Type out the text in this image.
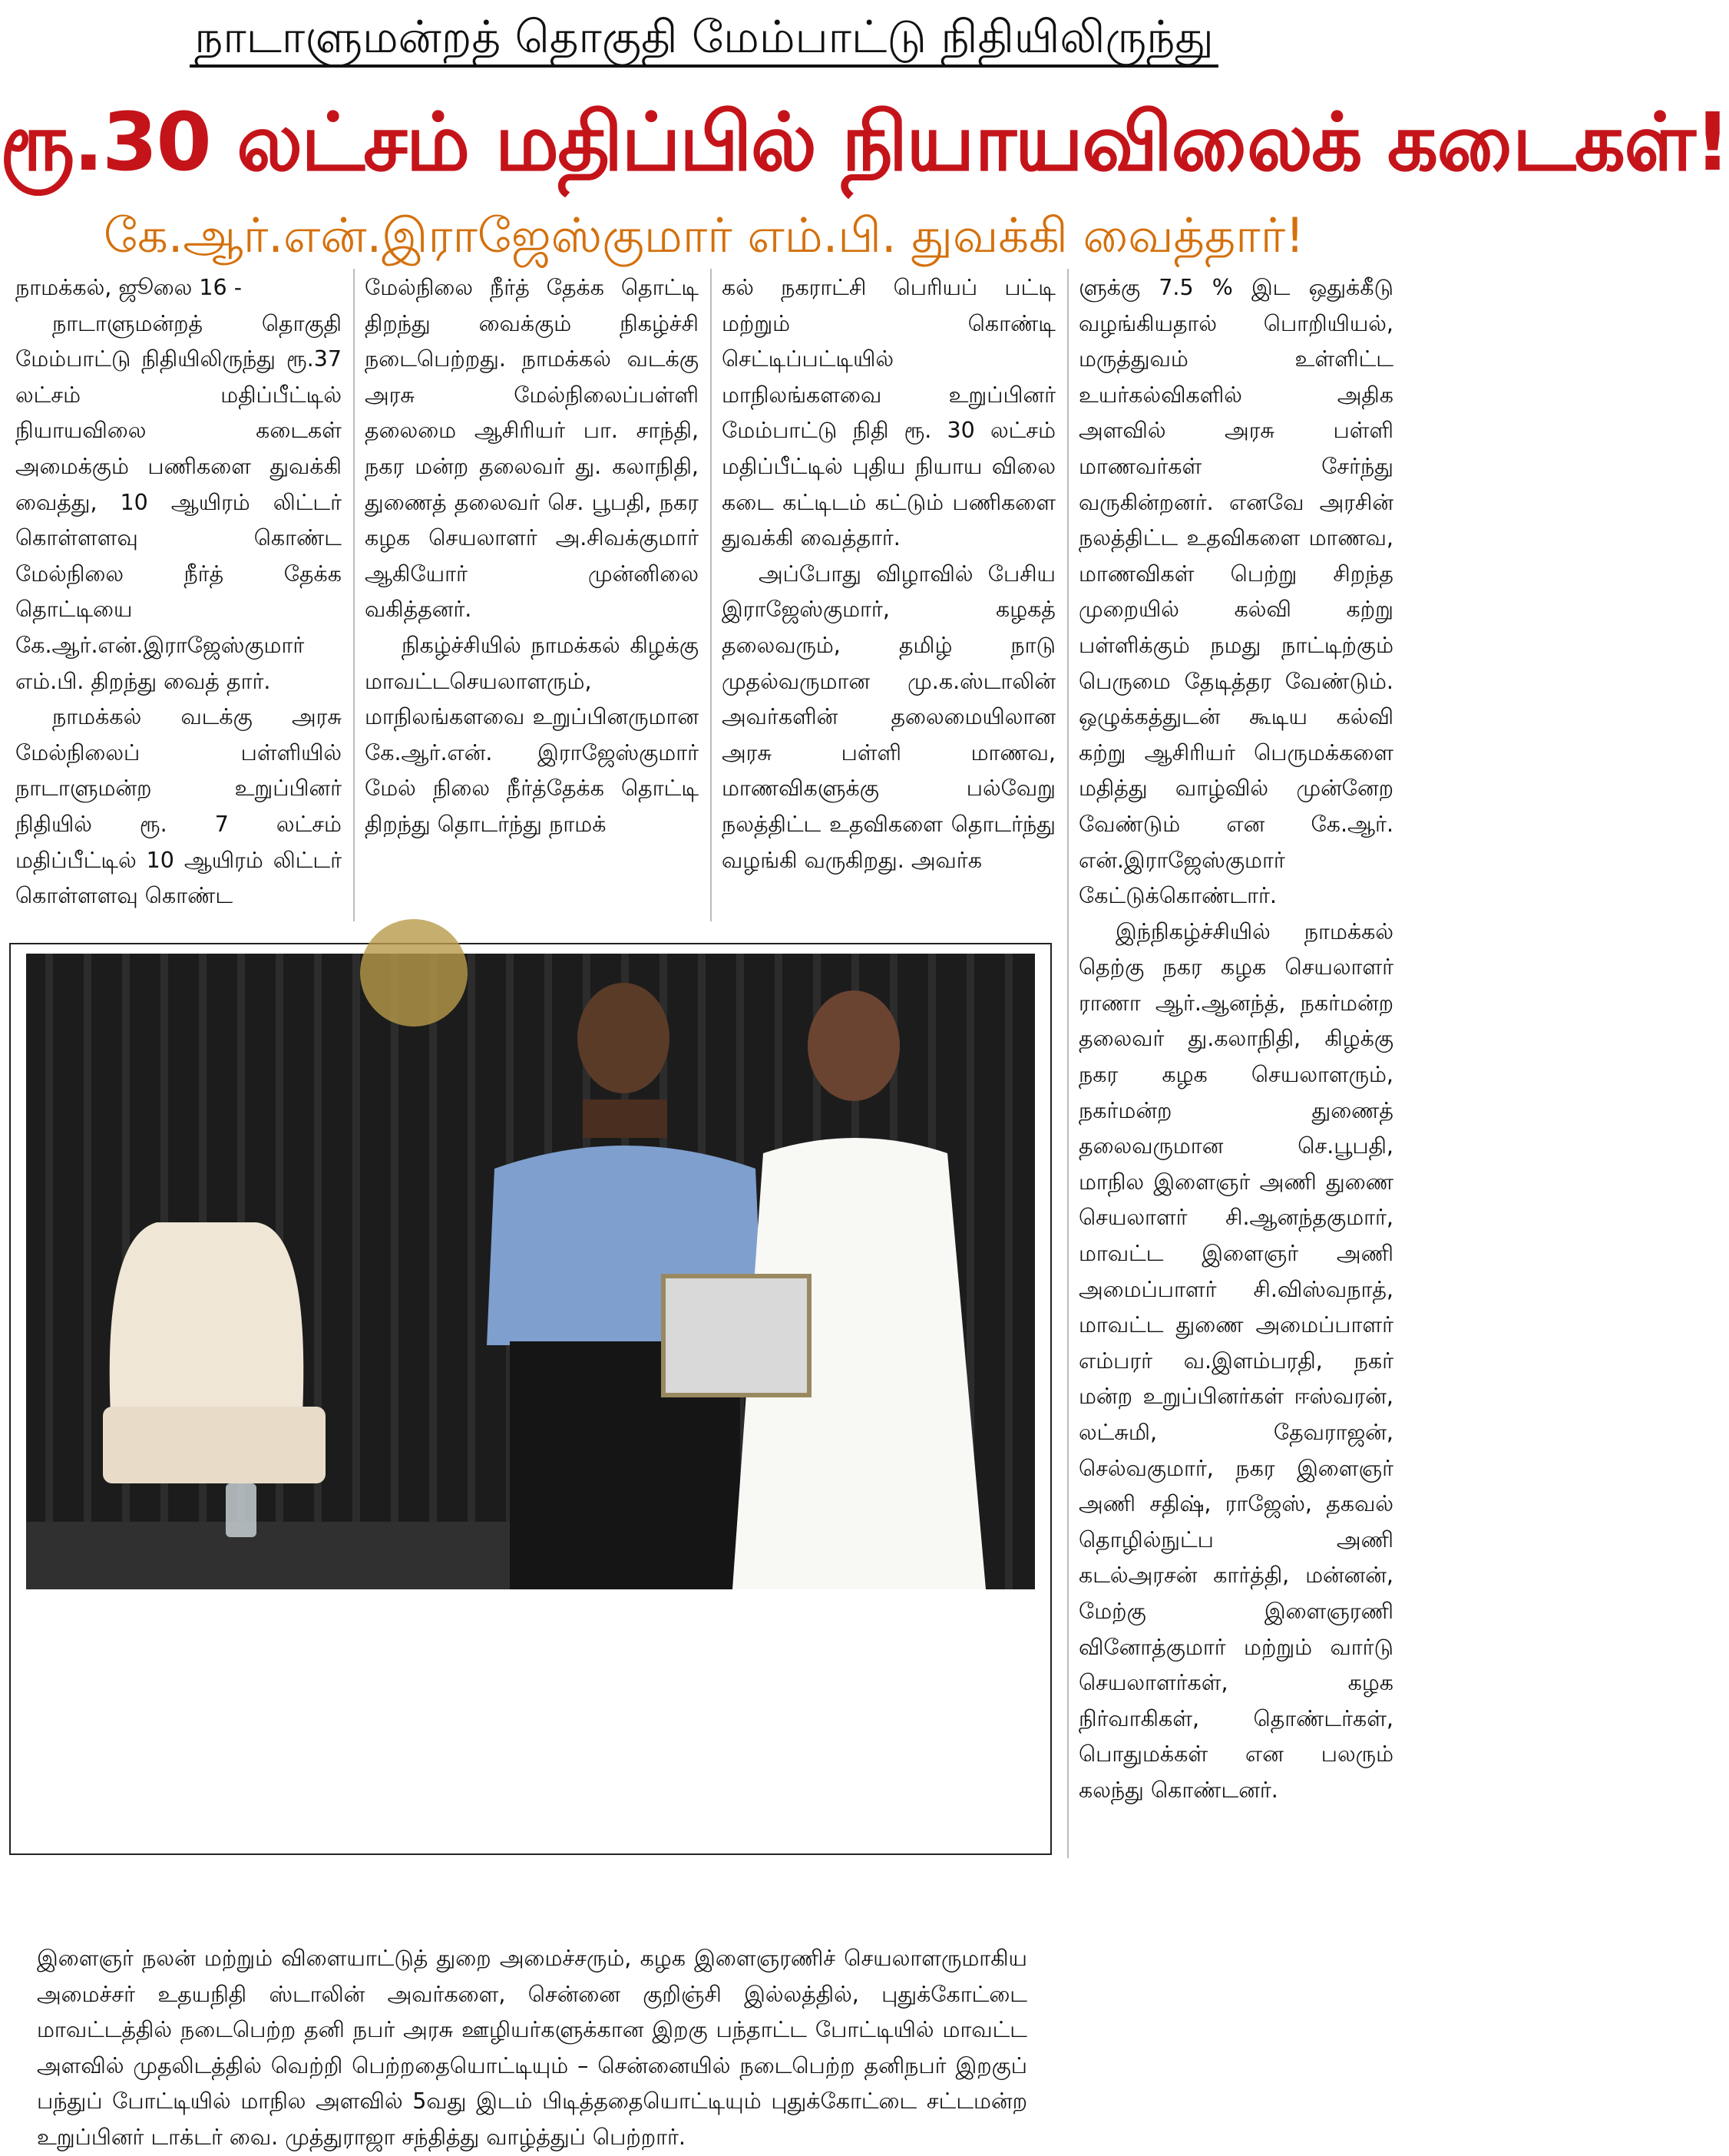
நாடாளுமன்றத் தொகுதி மேம்பாட்டு நிதியிலிருந்து
ரூ.30 லட்சம் மதிப்பில் நியாயவிலைக் கடைகள்!
கே.ஆர்.என்.இராஜேஸ்குமார் எம்.பி. துவக்கி வைத்தார்!

நாமக்கல், ஜூலை 16 -

நாடாளுமன்றத் தொகுதி மேம்பாட்டு நிதியிலிருந்து ரூ.37 லட்சம் மதிப்பீட்டில் நியாயவிலை கடைகள் அமைக்கும் பணிகளை துவக்கி வைத்து, 10 ஆயிரம் லிட்டர் கொள்ளளவு கொண்ட மேல்நிலை நீர்த் தேக்க தொட்டியை கே.ஆர்.என்.இராஜேஸ்குமார் எம்.பி. திறந்து வைத் தார்.

நாமக்கல் வடக்கு அரசு மேல்நிலைப் பள்ளியில் நாடாளுமன்ற உறுப்பினர் நிதியில் ரூ. 7 லட்சம் மதிப்பீட்டில் 10 ஆயிரம் லிட்டர் கொள்ளளவு கொண்ட

மேல்நிலை நீர்த் தேக்க தொட்டி திறந்து வைக்கும் நிகழ்ச்சி நடைபெற்றது. நாமக்கல் வடக்கு அரசு மேல்நிலைப்பள்ளி தலைமை ஆசிரியர் பா. சாந்தி, நகர மன்ற தலைவர் து. கலாநிதி, துணைத் தலைவர் செ. பூபதி, நகர கழக செயலாளர் அ.சிவக்குமார் ஆகியோர் முன்னிலை வகித்தனர்.

நிகழ்ச்சியில் நாமக்கல் கிழக்கு மாவட்டசெயலாளரும், மாநிலங்களவை உறுப்பினருமான கே.ஆர்.என். இராஜேஸ்குமார் மேல் நிலை நீர்த்தேக்க தொட்டி திறந்து தொடர்ந்து நாமக்

கல் நகராட்சி பெரியப் பட்டி மற்றும் கொண்டி செட்டிப்பட்டியில் மாநிலங்களவை உறுப்பினர் மேம்பாட்டு நிதி ரூ. 30 லட்சம் மதிப்பீட்டில் புதிய நியாய விலை கடை கட்டிடம் கட்டும் பணிகளை துவக்கி வைத்தார்.

அப்போது விழாவில் பேசிய இராஜேஸ்குமார், கழகத் தலைவரும், தமிழ் நாடு முதல்வருமான மு.க.ஸ்டாலின் அவர்களின் தலைமையிலான அரசு பள்ளி மாணவ, மாணவிகளுக்கு பல்வேறு நலத்திட்ட உதவிகளை தொடர்ந்து வழங்கி வருகிறது. அவர்க

ளுக்கு 7.5 % இட ஒதுக்கீடு வழங்கியதால் பொறியியல், மருத்துவம் உள்ளிட்ட உயர்கல்விகளில் அதிக அளவில் அரசு பள்ளி மாணவர்கள் சேர்ந்து வருகின்றனர். எனவே அரசின் நலத்திட்ட உதவிகளை மாணவ, மாணவிகள் பெற்று சிறந்த முறையில் கல்வி கற்று பள்ளிக்கும் நமது நாட்டிற்கும் பெருமை தேடித்தர வேண்டும். ஒழுக்கத்துடன் கூடிய கல்வி கற்று ஆசிரியர் பெருமக்களை மதித்து வாழ்வில் முன்னேற வேண்டும் என கே.ஆர். என்.இராஜேஸ்குமார் கேட்டுக்கொண்டார்.

இந்நிகழ்ச்சியில் நாமக்கல் தெற்கு நகர கழக செயலாளர் ராணா ஆர்.ஆனந்த், நகர்மன்ற தலைவர் து.கலாநிதி, கிழக்கு நகர கழக செயலாளரும், நகர்மன்ற துணைத் தலைவருமான செ.பூபதி, மாநில இளைஞர் அணி துணை செயலாளர் சி.ஆனந்தகுமார், மாவட்ட இளைஞர் அணி அமைப்பாளர் சி.விஸ்வநாத், மாவட்ட துணை அமைப்பாளர் எம்பரர் வ.இளம்பரதி, நகர் மன்ற உறுப்பினர்கள் ஈஸ்வரன், லட்சுமி, தேவராஜன், செல்வகுமார், நகர இளைஞர் அணி சதிஷ், ராஜேஸ், தகவல் தொழில்நுட்ப அணி கடல்அரசன் கார்த்தி, மன்னன், மேற்கு இளைஞரணி வினோத்குமார் மற்றும் வார்டு செயலாளர்கள், கழக நிர்வாகிகள், தொண்டர்கள், பொதுமக்கள் என பலரும் கலந்து கொண்டனர்.

இளைஞர் நலன் மற்றும் விளையாட்டுத் துறை அமைச்சரும், கழக இளைஞரணிச் செயலாளருமாகிய அமைச்சர் உதயநிதி ஸ்டாலின் அவர்களை, சென்னை குறிஞ்சி இல்லத்தில், புதுக்கோட்டை மாவட்டத்தில் நடைபெற்ற தனி நபர் அரசு ஊழியர்களுக்கான இறகு பந்தாட்ட போட்டியில் மாவட்ட அளவில் முதலிடத்தில் வெற்றி பெற்றதையொட்டியும் – சென்னையில் நடைபெற்ற தனிநபர் இறகுப் பந்துப் போட்டியில் மாநில அளவில் 5வது இடம் பிடித்ததையொட்டியும் புதுக்கோட்டை சட்டமன்ற உறுப்பினர் டாக்டர் வை. முத்துராஜா சந்தித்து வாழ்த்துப் பெற்றார்.
